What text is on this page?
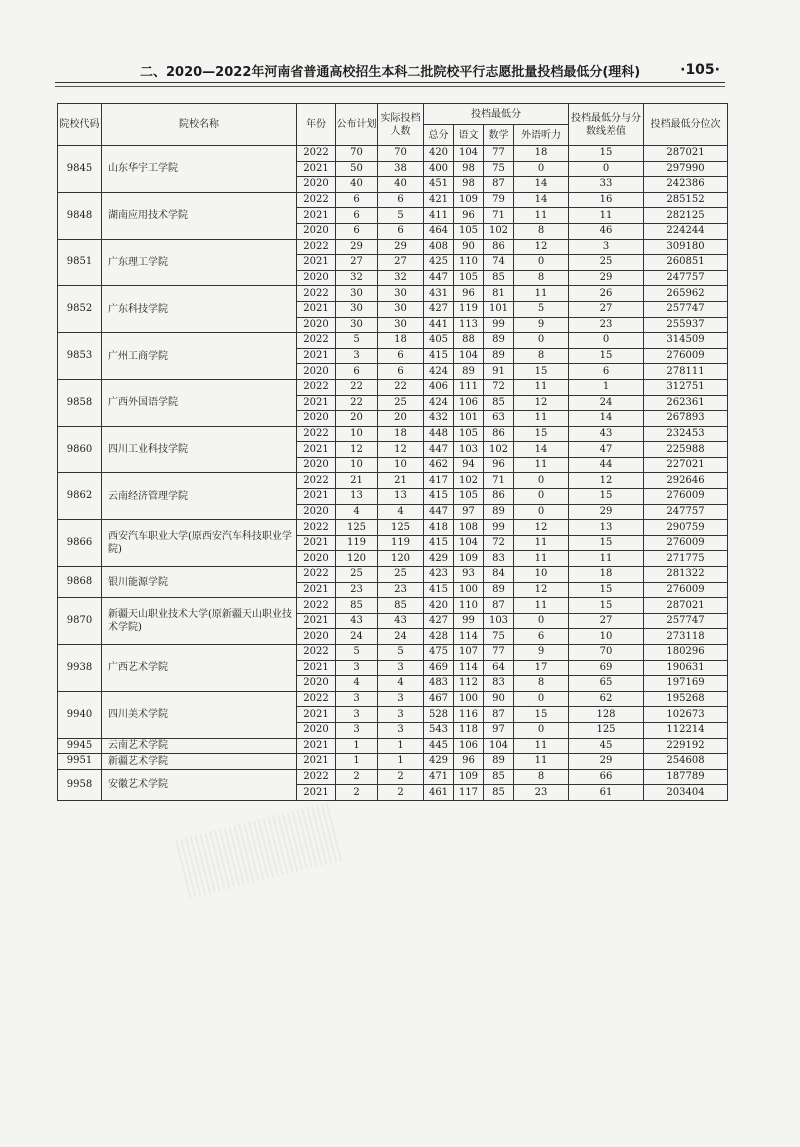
二、2020—2022年河南省普通高校招生本科二批院校平行志愿批量投档最低分(理科)	·105·
院校代码	院校名称	年份	公布计划	实际投档人数	投档最低分				投档最低分与分数线差值	投档最低分位次
					总分	语文	数学	外语听力		
9845	山东华宇工学院	2022	70	70	420	104	77	18	15	287021
		2021	50	38	400	98	75	0	0	297990
		2020	40	40	451	98	87	14	33	242386
9848	湖南应用技术学院	2022	6	6	421	109	79	14	16	285152
		2021	6	5	411	96	71	11	11	282125
		2020	6	6	464	105	102	8	46	224244
9851	广东理工学院	2022	29	29	408	90	86	12	3	309180
		2021	27	27	425	110	74	0	25	260851
		2020	32	32	447	105	85	8	29	247757
9852	广东科技学院	2022	30	30	431	96	81	11	26	265962
		2021	30	30	427	119	101	5	27	257747
		2020	30	30	441	113	99	9	23	255937
9853	广州工商学院	2022	5	18	405	88	89	0	0	314509
		2021	3	6	415	104	89	8	15	276009
		2020	6	6	424	89	91	15	6	278111
9858	广西外国语学院	2022	22	22	406	111	72	11	1	312751
		2021	22	25	424	106	85	12	24	262361
		2020	20	20	432	101	63	11	14	267893
9860	四川工业科技学院	2022	10	18	448	105	86	15	43	232453
		2021	12	12	447	103	102	14	47	225988
		2020	10	10	462	94	96	11	44	227021
9862	云南经济管理学院	2022	21	21	417	102	71	0	12	292646
		2021	13	13	415	105	86	0	15	276009
		2020	4	4	447	97	89	0	29	247757
9866	西安汽车职业大学(原西安汽车科技职业学院)	2022	125	125	418	108	99	12	13	290759
		2021	119	119	415	104	72	11	15	276009
		2020	120	120	429	109	83	11	11	271775
9868	银川能源学院	2022	25	25	423	93	84	10	18	281322
		2021	23	23	415	100	89	12	15	276009
9870	新疆天山职业技术大学(原新疆天山职业技术学院)	2022	85	85	420	110	87	11	15	287021
		2021	43	43	427	99	103	0	27	257747
		2020	24	24	428	114	75	6	10	273118
9938	广西艺术学院	2022	5	5	475	107	77	9	70	180296
		2021	3	3	469	114	64	17	69	190631
		2020	4	4	483	112	83	8	65	197169
9940	四川美术学院	2022	3	3	467	100	90	0	62	195268
		2021	3	3	528	116	87	15	128	102673
		2020	3	3	543	118	97	0	125	112214
9945	云南艺术学院	2021	1	1	445	106	104	11	45	229192
9951	新疆艺术学院	2021	1	1	429	96	89	11	29	254608
9958	安徽艺术学院	2022	2	2	471	109	85	8	66	187789
		2021	2	2	461	117	85	23	61	203404
